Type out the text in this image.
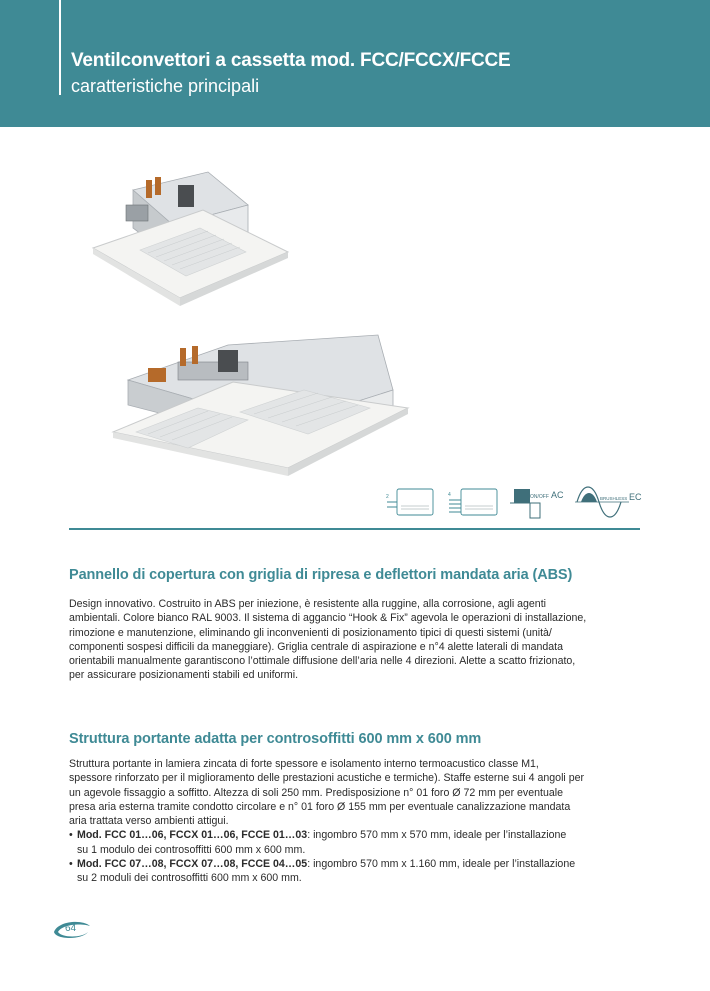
Ventilconvettori a cassetta mod. FCC/FCCX/FCCE
caratteristiche principali
2	4	ON/OFF AC	BRUSHLESS EC
Pannello di copertura con griglia di ripresa e deflettori mandata aria (ABS)

Design innovativo. Costruito in ABS per iniezione, è resistente alla ruggine, alla corrosione, agli agenti

ambientali. Colore bianco RAL 9003. Il sistema di aggancio “Hook & Fix” agevola le operazioni di installazione,

rimozione e manutenzione, eliminando gli inconvenienti di posizionamento tipici di questi sistemi (unità/

componenti sospesi difficili da maneggiare). Griglia centrale di aspirazione e n°4 alette laterali di mandata

orientabili manualmente garantiscono l’ottimale diffusione dell’aria nelle 4 direzioni. Alette a scatto frizionato,

per assicurare posizionamenti stabili ed uniformi.

Struttura portante adatta per controsoffitti 600 mm x 600 mm

Struttura portante in lamiera zincata di forte spessore e isolamento interno termoacustico classe M1,

spessore rinforzato per il miglioramento delle prestazioni acustiche e termiche). Staffe esterne sui 4 angoli per

un agevole fissaggio a soffitto. Altezza di soli 250 mm. Predisposizione n° 01 foro Ø 72 mm per eventuale

presa aria esterna tramite condotto circolare e n° 01 foro Ø 155 mm per eventuale canalizzazione mandata

aria trattata verso ambienti attigui.

• Mod. FCC 01…06, FCCX 01…06, FCCE 01…03: ingombro 570 mm x 570 mm, ideale per l’installazione

su 1 modulo dei controsoffitti 600 mm x 600 mm.

• Mod. FCC 07…08, FCCX 07…08, FCCE 04…05: ingombro 570 mm x 1.160 mm, ideale per l’installazione

su 2 moduli dei controsoffitti 600 mm x 600 mm.

64
